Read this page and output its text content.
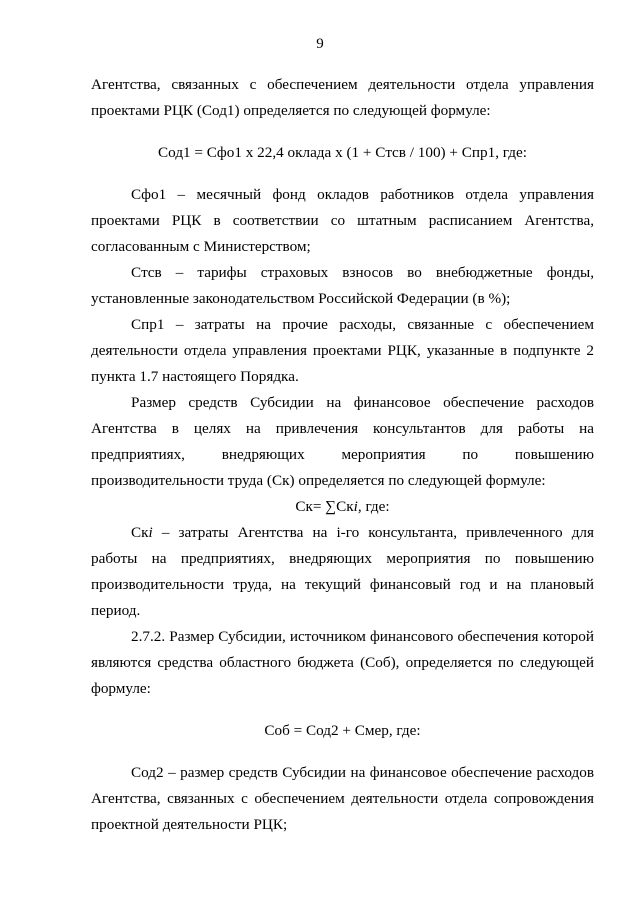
9

Агентства, связанных с обеспечением деятельности отдела управления проектами РЦК (Сод1) определяется по следующей формуле:

Сод1 = Сфо1 х 22,4 оклада х (1 + Cтcв / 100) + Спр1, где:

Сфо1 – месячный фонд окладов работников отдела управления проектами РЦК в соответствии со штатным расписанием Агентства, согласованным с Министерством;

Cтcв – тарифы страховых взносов во внебюджетные фонды, установленные законодательством Российской Федерации (в %);

Спр1 – затраты на прочие расходы, связанные с обеспечением деятельности отдела управления проектами РЦК, указанные в подпункте 2 пункта 1.7 настоящего Порядка.

Размер средств Субсидии на финансовое обеспечение расходов Агентства в целях на привлечения консультантов для работы на предприятиях, внедряющих мероприятия по повышению производительности труда (Ск) определяется по следующей формуле:

Ск= ∑Скi, где:

Скi – затраты Агентства на i-го консультанта, привлеченного для работы на предприятиях, внедряющих мероприятия по повышению производительности труда, на текущий финансовый год и на плановый период.

2.7.2. Размер Субсидии, источником финансового обеспечения которой являются средства областного бюджета (Соб), определяется по следующей формуле:

Соб = Сод2 + Смер, где:

Сод2 – размер средств Субсидии на финансовое обеспечение расходов Агентства, связанных с обеспечением деятельности отдела сопровождения проектной деятельности РЦК;
